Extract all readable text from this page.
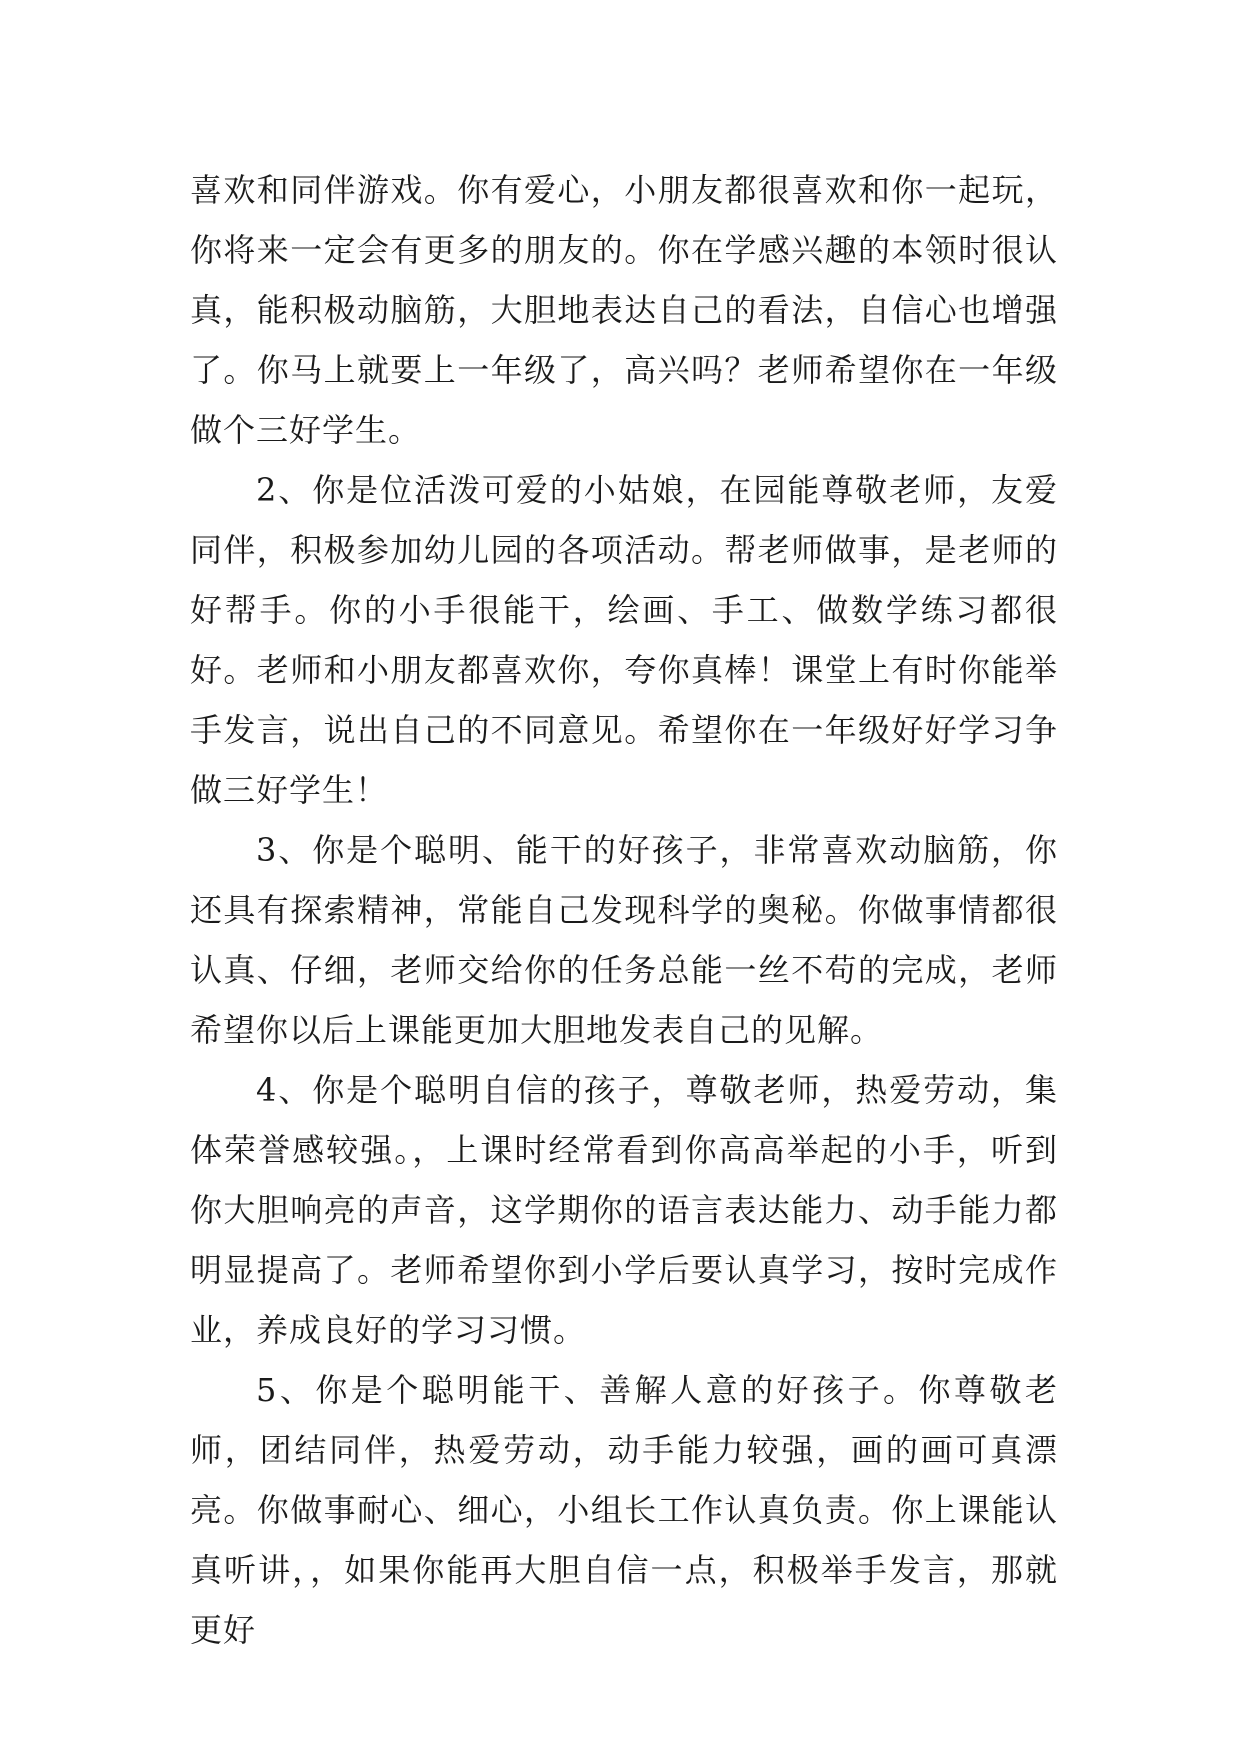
喜欢和同伴游戏。你有爱心，小朋友都很喜欢和你一起玩，你将来一定会有更多的朋友的。你在学感兴趣的本领时很认真，能积极动脑筋，大胆地表达自己的看法，自信心也增强了。你马上就要上一年级了，高兴吗？老师希望你在一年级做个三好学生。

2、你是位活泼可爱的小姑娘，在园能尊敬老师，友爱同伴，积极参加幼儿园的各项活动。帮老师做事，是老师的好帮手。你的小手很能干，绘画、手工、做数学练习都很好。老师和小朋友都喜欢你，夸你真棒！课堂上有时你能举手发言，说出自己的不同意见。希望你在一年级好好学习争做三好学生！

3、你是个聪明、能干的好孩子，非常喜欢动脑筋，你还具有探索精神，常能自己发现科学的奥秘。你做事情都很认真、仔细，老师交给你的任务总能一丝不苟的完成，老师希望你以后上课能更加大胆地发表自己的见解。

4、你是个聪明自信的孩子，尊敬老师，热爱劳动，集体荣誉感较强。，上课时经常看到你高高举起的小手，听到你大胆响亮的声音，这学期你的语言表达能力、动手能力都明显提高了。老师希望你到小学后要认真学习，按时完成作业，养成良好的学习习惯。

5、你是个聪明能干、善解人意的好孩子。你尊敬老师，团结同伴，热爱劳动，动手能力较强，画的画可真漂亮。你做事耐心、细心，小组长工作认真负责。你上课能认真听讲，，如果你能再大胆自信一点，积极举手发言，那就更好
